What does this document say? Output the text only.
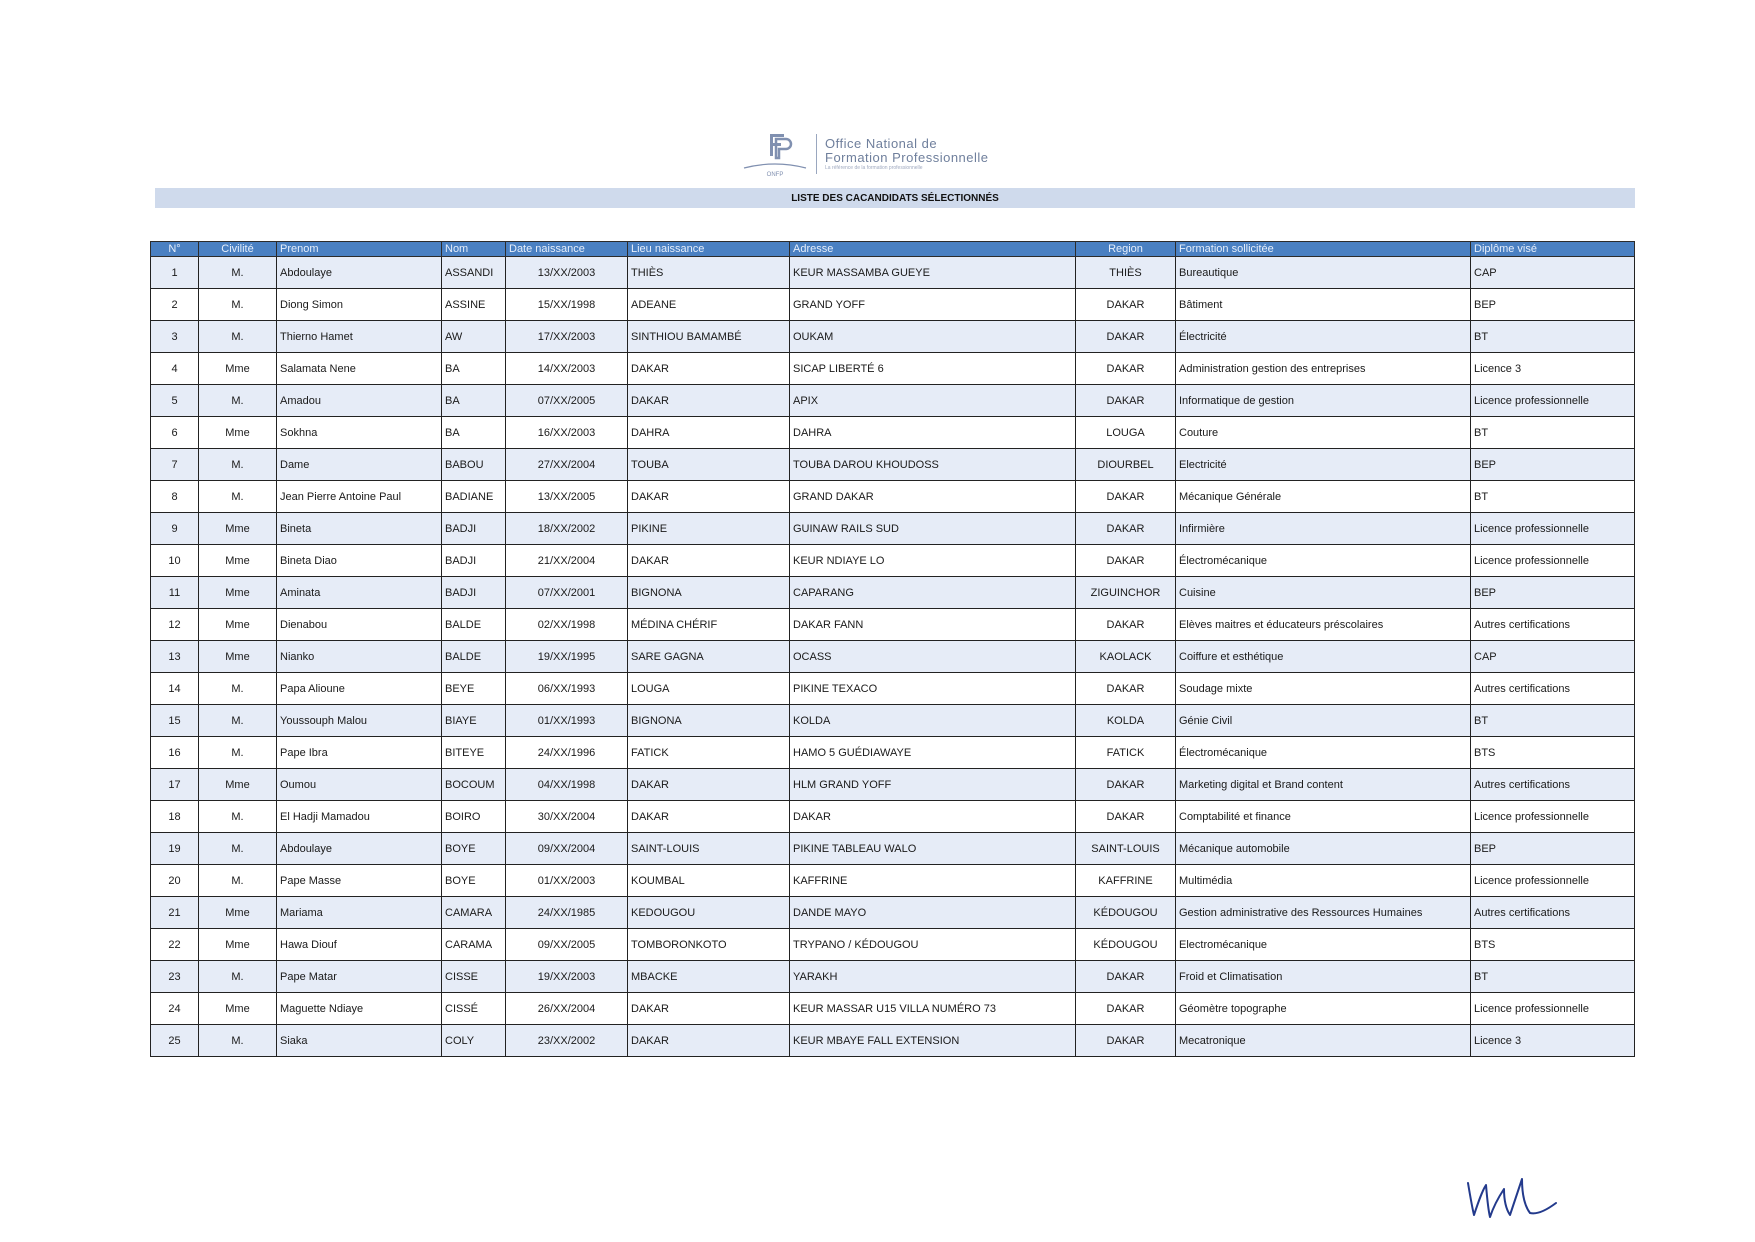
ONFP
Office National de
Formation Professionnelle
La référence de la formation professionnelle
LISTE DES CACANDIDATS SÉLECTIONNÉS
N°	Civilité	Prenom	Nom	Date naissance	Lieu naissance	Adresse	Region	Formation sollicitée	Diplôme visé
1	M.	Abdoulaye	ASSANDI	13/XX/2003	THIÈS	KEUR MASSAMBA GUEYE	THIÈS	Bureautique	CAP
2	M.	Diong Simon	ASSINE	15/XX/1998	ADEANE	GRAND YOFF	DAKAR	Bâtiment	BEP
3	M.	Thierno Hamet	AW	17/XX/2003	SINTHIOU BAMAMBÉ	OUKAM	DAKAR	Électricité	BT
4	Mme	Salamata Nene	BA	14/XX/2003	DAKAR	SICAP LIBERTÉ 6	DAKAR	Administration gestion des entreprises	Licence 3
5	M.	Amadou	BA	07/XX/2005	DAKAR	APIX	DAKAR	Informatique de gestion	Licence professionnelle
6	Mme	Sokhna	BA	16/XX/2003	DAHRA	DAHRA	LOUGA	Couture	BT
7	M.	Dame	BABOU	27/XX/2004	TOUBA	TOUBA DAROU KHOUDOSS	DIOURBEL	Electricité	BEP
8	M.	Jean Pierre Antoine Paul	BADIANE	13/XX/2005	DAKAR	GRAND DAKAR	DAKAR	Mécanique Générale	BT
9	Mme	Bineta	BADJI	18/XX/2002	PIKINE	GUINAW RAILS SUD	DAKAR	Infirmière	Licence professionnelle
10	Mme	Bineta Diao	BADJI	21/XX/2004	DAKAR	KEUR NDIAYE LO	DAKAR	Électromécanique	Licence professionnelle
11	Mme	Aminata	BADJI	07/XX/2001	BIGNONA	CAPARANG	ZIGUINCHOR	Cuisine	BEP
12	Mme	Dienabou	BALDE	02/XX/1998	MÉDINA CHÉRIF	DAKAR FANN	DAKAR	Elèves maitres et éducateurs préscolaires	Autres certifications
13	Mme	Nianko	BALDE	19/XX/1995	SARE GAGNA	OCASS	KAOLACK	Coiffure et esthétique	CAP
14	M.	Papa Alioune	BEYE	06/XX/1993	LOUGA	PIKINE TEXACO	DAKAR	Soudage mixte	Autres certifications
15	M.	Youssouph Malou	BIAYE	01/XX/1993	BIGNONA	KOLDA	KOLDA	Génie Civil	BT
16	M.	Pape Ibra	BITEYE	24/XX/1996	FATICK	HAMO 5 GUÉDIAWAYE	FATICK	Électromécanique	BTS
17	Mme	Oumou	BOCOUM	04/XX/1998	DAKAR	HLM GRAND YOFF	DAKAR	Marketing digital et Brand content	Autres certifications
18	M.	El Hadji Mamadou	BOIRO	30/XX/2004	DAKAR	DAKAR	DAKAR	Comptabilité et finance	Licence professionnelle
19	M.	Abdoulaye	BOYE	09/XX/2004	SAINT-LOUIS	PIKINE TABLEAU WALO	SAINT-LOUIS	Mécanique automobile	BEP
20	M.	Pape Masse	BOYE	01/XX/2003	KOUMBAL	KAFFRINE	KAFFRINE	Multimédia	Licence professionnelle
21	Mme	Mariama	CAMARA	24/XX/1985	KEDOUGOU	DANDE MAYO	KÉDOUGOU	Gestion administrative des Ressources Humaines	Autres certifications
22	Mme	Hawa Diouf	CARAMA	09/XX/2005	TOMBORONKOTO	TRYPANO / KÉDOUGOU	KÉDOUGOU	Electromécanique	BTS
23	M.	Pape Matar	CISSE	19/XX/2003	MBACKE	YARAKH	DAKAR	Froid et Climatisation	BT
24	Mme	Maguette Ndiaye	CISSÉ	26/XX/2004	DAKAR	KEUR MASSAR U15 VILLA NUMÉRO 73	DAKAR	Géomètre topographe	Licence professionnelle
25	M.	Siaka	COLY	23/XX/2002	DAKAR	KEUR MBAYE FALL EXTENSION	DAKAR	Mecatronique	Licence 3
